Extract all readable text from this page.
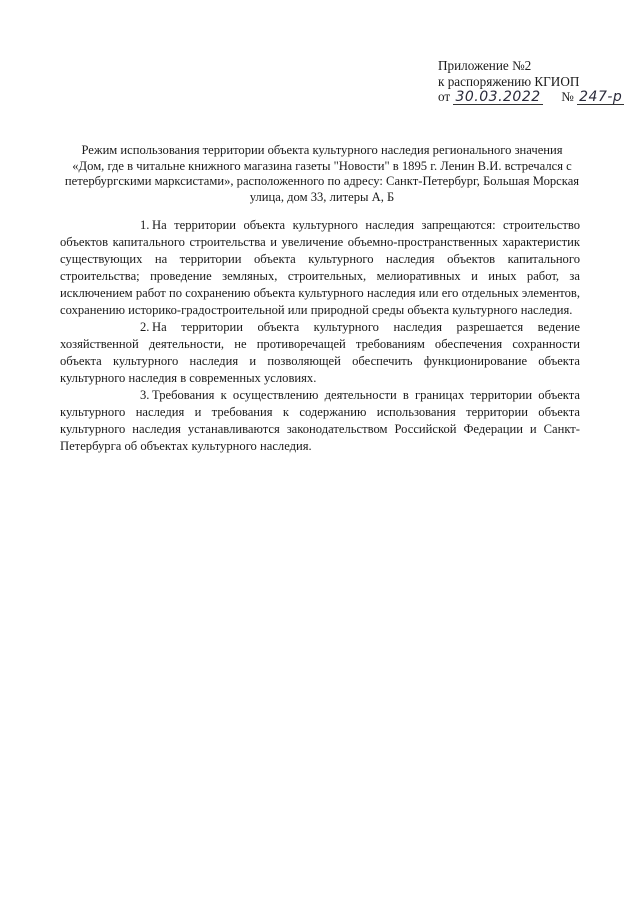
Приложение №2
к распоряжению КГИОП
от 30.03.2022 № 247-р
Режим использования территории объекта культурного наследия регионального значения
«Дом, где в читальне книжного магазина газеты "Новости" в 1895 г. Ленин В.И. встречался с
петербургскими марксистами», расположенного по адресу: Санкт-Петербург, Большая Морская
улица, дом 33, литеры А, Б

1. На территории объекта культурного наследия запрещаются: строительство объектов капитального строительства и увеличение объемно-пространственных характеристик существующих на территории объекта культурного наследия объектов капитального строительства; проведение земляных, строительных, мелиоративных и иных работ, за исключением работ по сохранению объекта культурного наследия или его отдельных элементов, сохранению историко-градостроительной или природной среды объекта культурного наследия.

2. На территории объекта культурного наследия разрешается ведение хозяйственной деятельности, не противоречащей требованиям обеспечения сохранности объекта культурного наследия и позволяющей обеспечить функционирование объекта культурного наследия в современных условиях.

3. Требования к осуществлению деятельности в границах территории объекта культурного наследия и требования к содержанию использования территории объекта культурного наследия устанавливаются законодательством Российской Федерации и Санкт-Петербурга об объектах культурного наследия.
